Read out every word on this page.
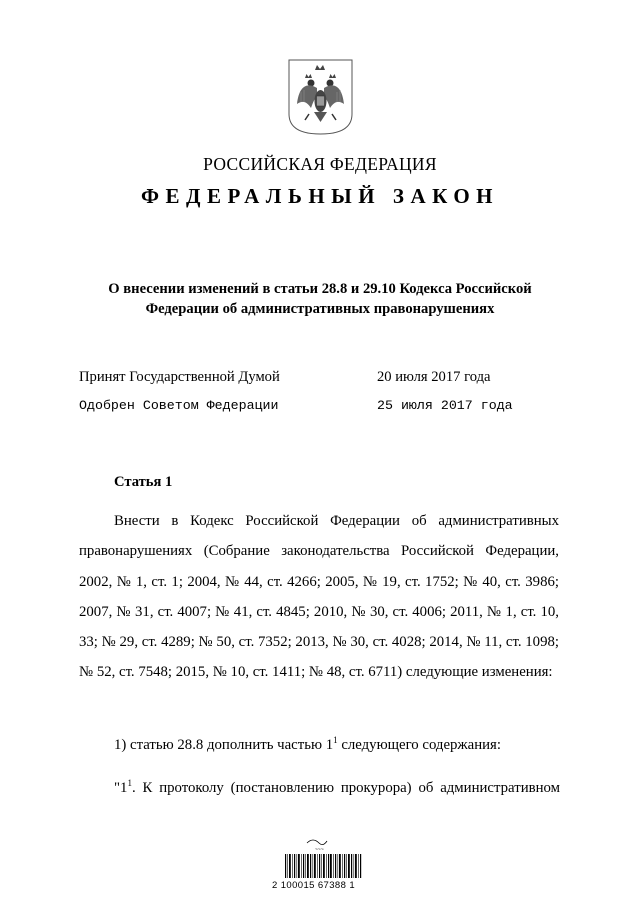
РОССИЙСКАЯ ФЕДЕРАЦИЯ
ФЕДЕРАЛЬНЫЙ ЗАКОН
О внесении изменений в статьи 28.8 и 29.10 Кодекса Российской
Федерации об административных правонарушениях
Принят Государственной Думой	20 июля 2017 года
Одобрен Советом Федерации	25 июля 2017 года
Статья 1
Внести в Кодекс Российской Федерации об административных правонарушениях (Собрание законодательства Российской Федерации, 2002, № 1, ст. 1; 2004, № 44, ст. 4266; 2005, № 19, ст. 1752; № 40, ст. 3986; 2007, № 31, ст. 4007; № 41, ст. 4845; 2010, № 30, ст. 4006; 2011, № 1, ст. 10, 33; № 29, ст. 4289; № 50, ст. 7352; 2013, № 30, ст. 4028; 2014, № 11, ст. 1098; № 52, ст. 7548; 2015, № 10, ст. 1411; № 48, ст. 6711) следующие изменения:
1) статью 28.8 дополнить частью $1^1$ следующего содержания:
"$1^1$. К протоколу (постановлению прокурора) об административном
~~~
2 100015 67388 1
